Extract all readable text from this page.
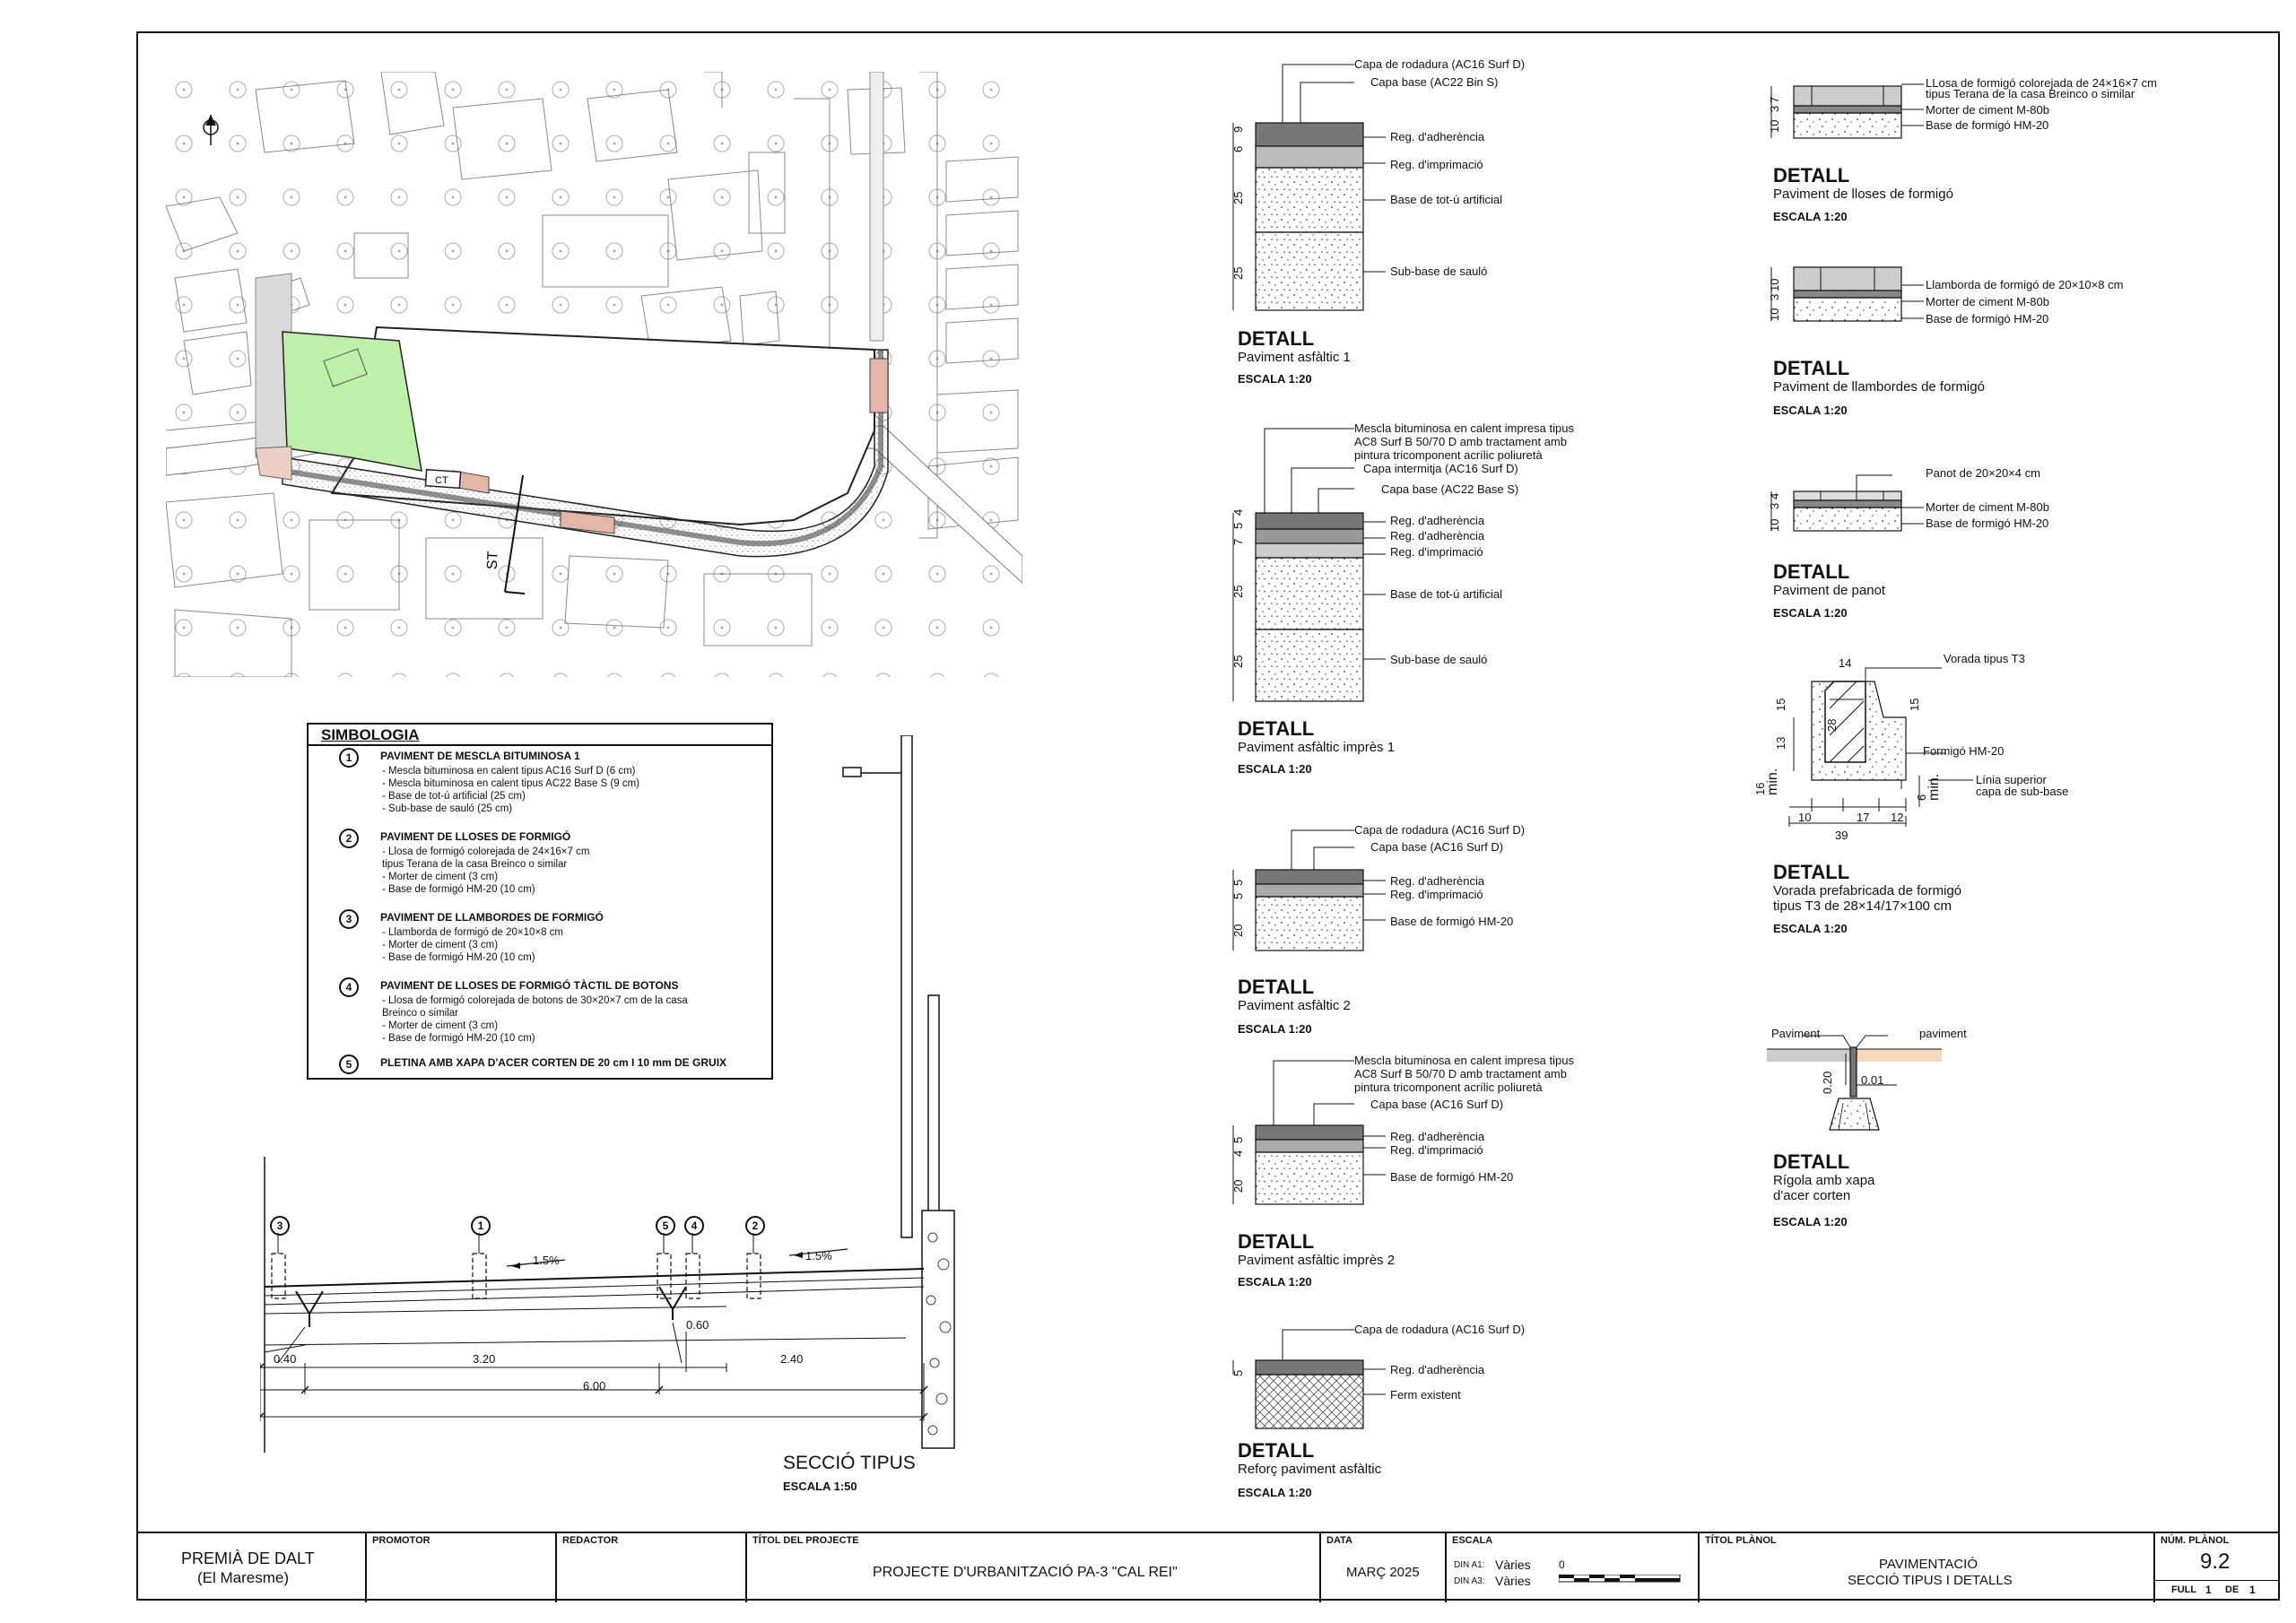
CT
ST
SIMBOLOGIA
1	PAVIMENT DE MESCLA BITUMINOSA 1
- Mescla bituminosa en calent tipus AC16 Surf D (6 cm)
- Mescla bituminosa en calent tipus AC22 Base S (9 cm)
- Base de tot-ú artificial (25 cm)
- Sub-base de sauló (25 cm)
2	PAVIMENT DE LLOSES DE FORMIGÓ
- Llosa de formigó colorejada de 24×16×7 cm
tipus Terana de la casa Breinco o similar
- Morter de ciment (3 cm)
- Base de formigó HM-20 (10 cm)
3	PAVIMENT DE LLAMBORDES DE FORMIGÓ
- Llamborda de formigó de 20×10×8 cm
- Morter de ciment (3 cm)
- Base de formigó HM-20 (10 cm)
4	PAVIMENT DE LLOSES DE FORMIGÓ TÀCTIL DE BOTONS
- Llosa de formigó colorejada de botons de 30×20×7 cm de la casa
Breinco o similar
- Morter de ciment (3 cm)
- Base de formigó HM-20 (10 cm)
5	PLETINA AMB XAPA D'ACER CORTEN DE 20 cm I 10 mm DE GRUIX
1.5%	1.5%
0.40	3.20	2.40
6.00
0.60
3	1	5	4	2
SECCIÓ TIPUS
ESCALA 1:50
Capa de rodadura (AC16 Surf D)
Capa base (AC22 Bin S)
Reg. d'adherència
Reg. d'imprimació
Base de tot-ú artificial
Sub-base de sauló
6
9
25
25
DETALL
Paviment asfàltic 1
ESCALA 1:20
Mescla bituminosa en calent impresa tipus
AC8 Surf B 50/70 D amb tractament amb
pintura tricomponent acrílic poliuretà
Capa intermitja (AC16 Surf D)
Capa base (AC22 Base S)
Reg. d'adherència
Reg. d'adherència
Reg. d'imprimació
Base de tot-ú artificial
Sub-base de sauló
7
5
4
25
25
DETALL
Paviment asfàltic imprès 1
ESCALA 1:20
Capa de rodadura (AC16 Surf D)
Capa base (AC16 Surf D)
Reg. d'adherència
Reg. d'imprimació
Base de formigó HM-20
5
5
20
DETALL
Paviment asfàltic 2
ESCALA 1:20
Mescla bituminosa en calent impresa tipus
AC8 Surf B 50/70 D amb tractament amb
pintura tricomponent acrílic poliuretà
Capa base (AC16 Surf D)
Reg. d'adherència
Reg. d'imprimació
Base de formigó HM-20
5
4
20
DETALL
Paviment asfàltic imprès 2
ESCALA 1:20
Capa de rodadura (AC16 Surf D)
Reg. d'adherència
Ferm existent
5
DETALL
Reforç paviment asfàltic
ESCALA 1:20
LLosa de formigó colorejada de 24×16×7 cm
tipus Terana de la casa Breinco o similar
Morter de ciment M-80b
Base de formigó HM-20
10
3
7
DETALL
Paviment de lloses de formigó
ESCALA 1:20
Llamborda de formigó de 20×10×8 cm
Morter de ciment M-80b
Base de formigó HM-20
10
3
10
DETALL
Paviment de llambordes de formigó
ESCALA 1:20
Panot de 20×20×4 cm
Morter de ciment M-80b
Base de formigó HM-20
10
3
4
DETALL
Paviment de panot
ESCALA 1:20
Vorada tipus T3
Formigó HM-20
Línia superior
capa de sub-base
14
15	15
28
13
16
min.
6
min.
10	17 12
39
DETALL
Vorada prefabricada de formigó
tipus T3 de 28×14/17×100 cm
ESCALA 1:20
Paviment	paviment
0.20 0.01
DETALL
Rígola amb xapa
d'acer corten
ESCALA 1:20
PREMIÀ DE DALT
(El Maresme)
PROMOTOR	REDACTOR	TÍTOL DEL PROJECTE
PROJECTE D'URBANITZACIÓ PA-3 "CAL REI"
DATA
MARÇ 2025
ESCALA
DIN A1: Vàries
DIN A3: Vàries
0
TÍTOL PLÀNOL
PAVIMENTACIÓ
SECCIÓ TIPUS I DETALLS
NÚM. PLÀNOL
9.2
FULL 1 DE 1
